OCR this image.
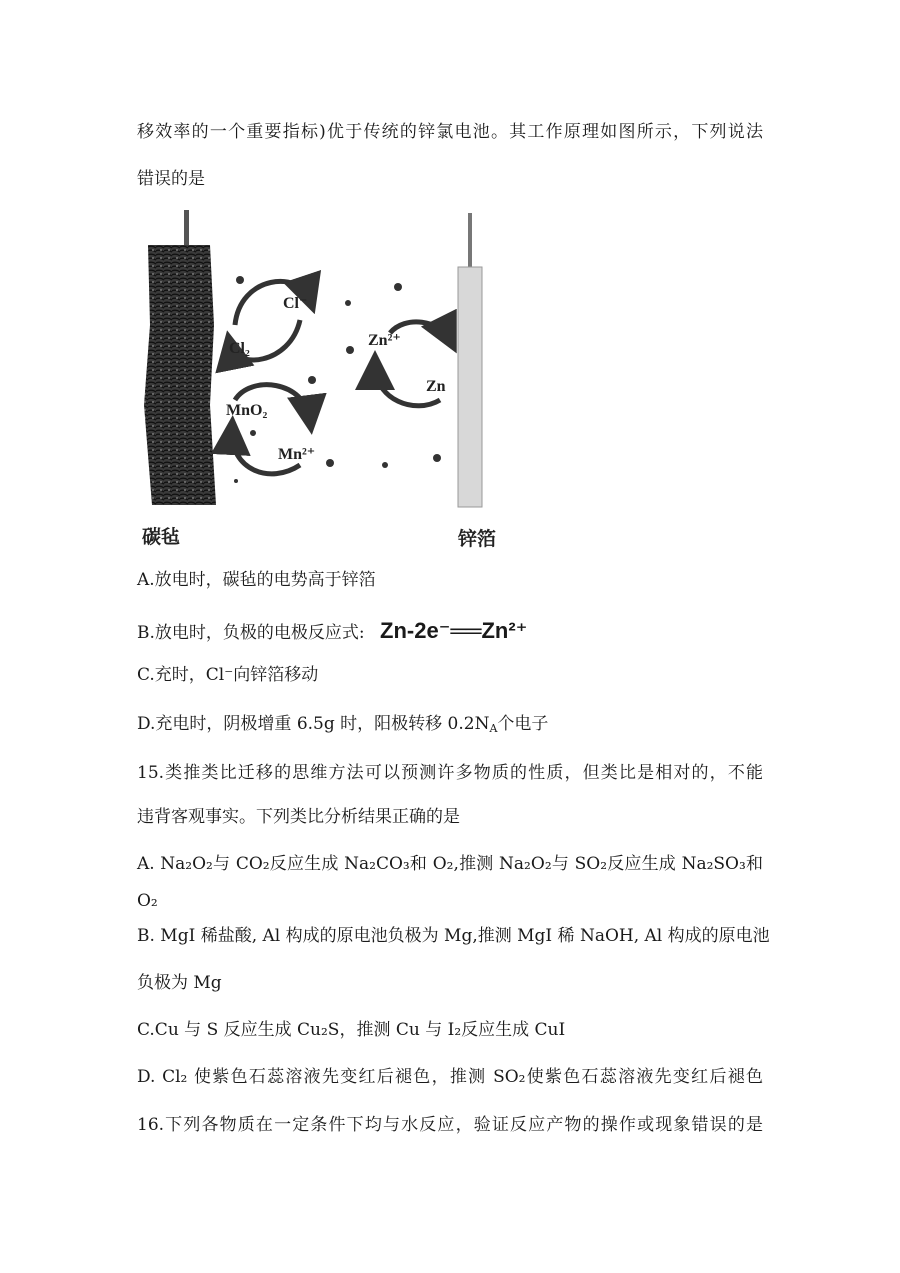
移效率的一个重要指标)优于传统的锌氯电池。其工作原理如图所示，下列说法
错误的是
Cl⁻
Cl₂
MnO₂
Mn²⁺
Zn²⁺
Zn
碳毡	锌箔
A.放电时，碳毡的电势高于锌箔
B.放电时，负极的电极反应式: Zn-2e⁻══Zn²⁺
C.充时，Cl⁻向锌箔移动
D.充电时，阴极增重 6.5g 时，阳极转移 $0.2N_A$个电子
15.类推类比迁移的思维方法可以预测许多物质的性质，但类比是相对的，不能
违背客观事实。下列类比分析结果正确的是
A. Na₂O₂与 CO₂反应生成 Na₂CO₃和 O₂,推测 Na₂O₂与 SO₂反应生成 Na₂SO₃和
O₂
B. MgI 稀盐酸, Al 构成的原电池负极为 Mg,推测 MgI 稀 NaOH, Al 构成的原电池
负极为 Mg
C.Cu 与 S 反应生成 Cu₂S，推测 Cu 与 I₂反应生成 CuI
D. Cl₂ 使紫色石蕊溶液先变红后褪色，推测 SO₂使紫色石蕊溶液先变红后褪色
16.下列各物质在一定条件下均与水反应，验证反应产物的操作或现象错误的是
